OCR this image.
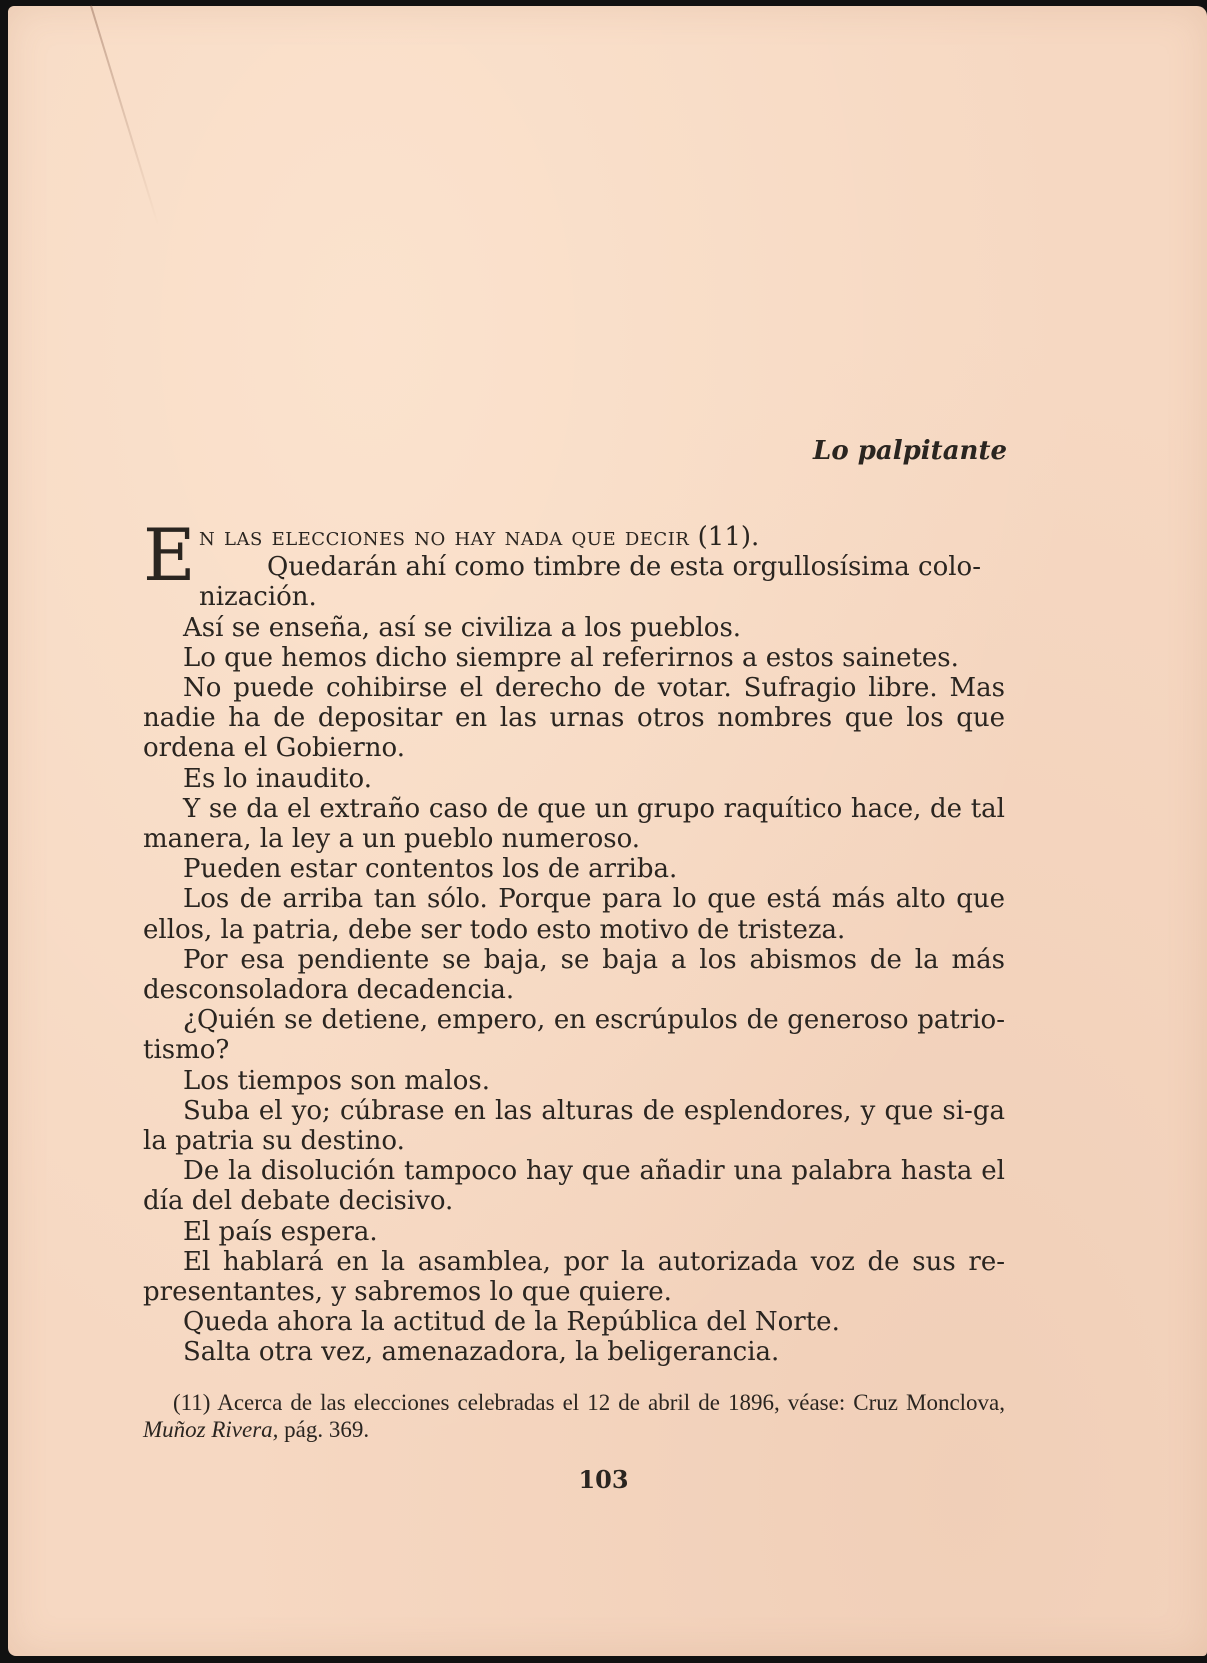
Lo palpitante

E n las elecciones no hay nada que decir (11).

Quedarán ahí como timbre de esta orgullosísima colo-

nización.

Así se enseña, así se civiliza a los pueblos.

Lo que hemos dicho siempre al referirnos a estos sainetes.

No puede cohibirse el derecho de votar. Sufragio libre. Mas nadie ha de depositar en las urnas otros nombres que los que ordena el Gobierno.

Es lo inaudito.

Y se da el extraño caso de que un grupo raquítico hace, de tal manera, la ley a un pueblo numeroso.

Pueden estar contentos los de arriba.

Los de arriba tan sólo. Porque para lo que está más alto que ellos, la patria, debe ser todo esto motivo de tristeza.

Por esa pendiente se baja, se baja a los abismos de la más desconsoladora decadencia.

¿Quién se detiene, empero, en escrúpulos de generoso patrio-tismo?

Los tiempos son malos.

Suba el yo; cúbrase en las alturas de esplendores, y que si-ga la patria su destino.

De la disolución tampoco hay que añadir una palabra hasta el día del debate decisivo.

El país espera.

El hablará en la asamblea, por la autorizada voz de sus re-presentantes, y sabremos lo que quiere.

Queda ahora la actitud de la República del Norte.

Salta otra vez, amenazadora, la beligerancia.

(11) Acerca de las elecciones celebradas el 12 de abril de 1896, véase: Cruz Monclova, Muñoz Rivera, pág. 369.

103
